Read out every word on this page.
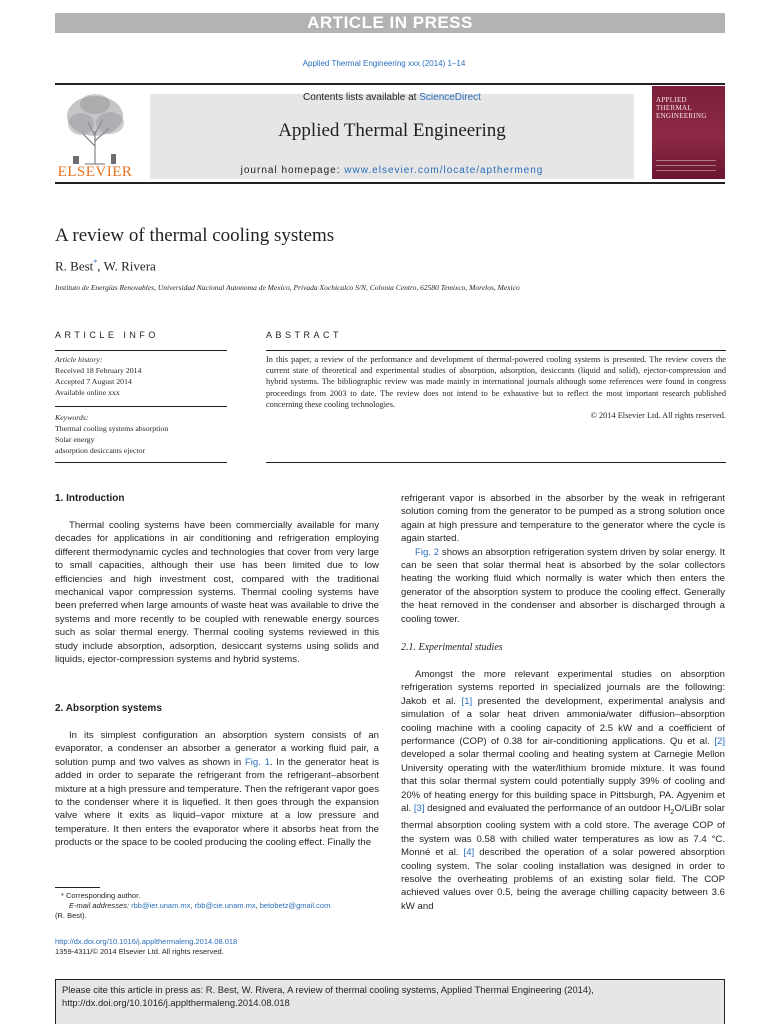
ARTICLE IN PRESS
Applied Thermal Engineering xxx (2014) 1–14
ELSEVIER
Contents lists available at ScienceDirect
Applied Thermal Engineering
journal homepage: www.elsevier.com/locate/apthermeng
APPLIED
THERMAL
ENGINEERING
A review of thermal cooling systems
R. Best*, W. Rivera
Instituto de Energías Renovables, Universidad Nacional Autonoma de Mexico, Privada Xochicalco S/N, Colonia Centro, 62580 Temixco, Morelos, Mexico
ARTICLE INFO
Article history:
Received 18 February 2014
Accepted 7 August 2014
Available online xxx
Keywords:
Thermal cooling systems absorption
Solar energy
adsorption desiccants ejector
ABSTRACT
In this paper, a review of the performance and development of thermal-powered cooling systems is presented. The review covers the current state of theoretical and experimental studies of absorption, adsorption, desiccants (liquid and solid), ejector-compression and hybrid systems. The bibliographic review was made mainly in international journals although some references were found in congress proceedings from 2003 to date. The review does not intend to be exhaustive but to reflect the most important research published concerning these cooling technologies.
© 2014 Elsevier Ltd. All rights reserved.
1. Introduction

Thermal cooling systems have been commercially available for many decades for applications in air conditioning and refrigeration employing different thermodynamic cycles and technologies that cover from very large to small capacities, although their use has been limited due to low efficiencies and high investment cost, compared with the traditional mechanical vapor compression systems. Thermal cooling systems have been preferred when large amounts of waste heat was available to drive the systems and more recently to be coupled with renewable energy sources such as solar thermal energy. Thermal cooling systems reviewed in this study include absorption, adsorption, desiccant systems using solids and liquids, ejector-compression systems and hybrid systems.

2. Absorption systems

In its simplest configuration an absorption system consists of an evaporator, a condenser an absorber a generator a working fluid pair, a solution pump and two valves as shown in Fig. 1. In the generator heat is added in order to separate the refrigerant from the refrigerant–absorbent mixture at a high pressure and temperature. Then the refrigerant vapor goes to the condenser where it is liquefied. It then goes through the expansion valve where it exits as liquid–vapor mixture at a low pressure and temperature. It then enters the evaporator where it absorbs heat from the products or the space to be cooled producing the cooling effect. Finally the

refrigerant vapor is absorbed in the absorber by the weak in refrigerant solution coming from the generator to be pumped as a strong solution once again at high pressure and temperature to the generator where the cycle is again started.

Fig. 2 shows an absorption refrigeration system driven by solar energy. It can be seen that solar thermal heat is absorbed by the solar collectors heating the working fluid which normally is water which then enters the generator of the absorption system to produce the cooling effect. Generally the heat removed in the condenser and absorber is discharged through a cooling tower.

2.1. Experimental studies

Amongst the more relevant experimental studies on absorption refrigeration systems reported in specialized journals are the following: Jakob et al. [1] presented the development, experimental analysis and simulation of a solar heat driven ammonia/water diffusion–absorption cooling machine with a cooling capacity of 2.5 kW and a coefficient of performance (COP) of 0.38 for air-conditioning applications. Qu et al. [2] developed a solar thermal cooling and heating system at Carnegie Mellon University operating with the water/lithium bromide mixture. It was found that this solar thermal system could potentially supply 39% of cooling and 20% of heating energy for this building space in Pittsburgh, PA. Agyenim et al. [3] designed and evaluated the performance of an outdoor $H_2O$/LiBr solar thermal absorption cooling system with a cold store. The average COP of the system was 0.58 with chilled water temperatures as low as 7.4 °C. Monné et al. [4] described the operation of a solar powered absorption cooling system. The solar cooling installation was designed in order to resolve the overheating problems of an existing solar field. The COP achieved values over 0.5, being the average chilling capacity between 3.6 kW and

* Corresponding author.
E-mail addresses: rbb@ier.unam.mx, rbb@cie.unam.mx, betobetz@gmail.com
(R. Best).
http://dx.doi.org/10.1016/j.applthermaleng.2014.08.018
1359-4311/© 2014 Elsevier Ltd. All rights reserved.
Please cite this article in press as: R. Best, W. Rivera, A review of thermal cooling systems, Applied Thermal Engineering (2014), http://dx.doi.org/10.1016/j.applthermaleng.2014.08.018
